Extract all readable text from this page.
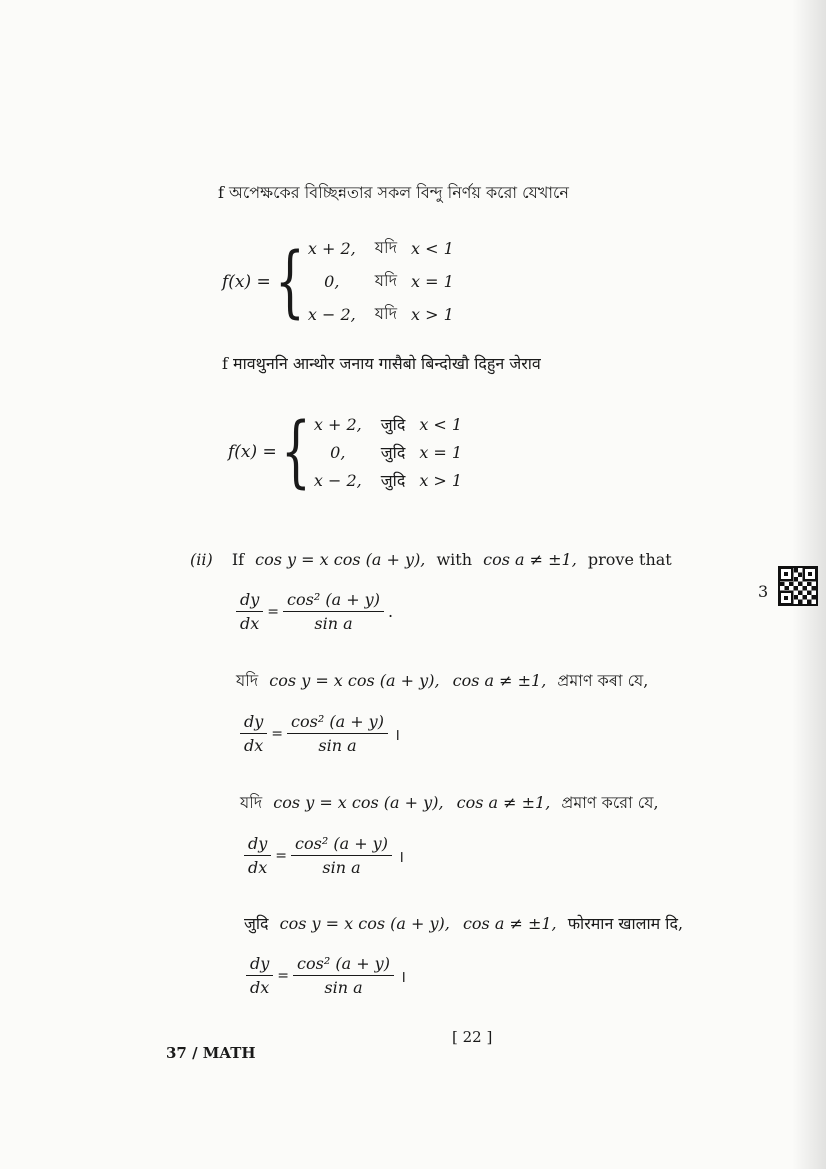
f অপেক্ষকের বিচ্ছিন্নতার সকল বিন্দু নির্ণয় করো যেখানে
f(x) = { x + 2,	যদি	x < 1
0,	যদি	x = 1
x − 2,	যদি	x > 1
f मावथुननि आन्थोर जनाय गासैबो बिन्दोखौ दिहुन जेराव
f(x) = { x + 2,	जुदि	x < 1
0,	जुदि	x = 1
x − 2,	जुदि	x > 1
(ii) If cos y = x cos (a + y), with cos a ≠ ±1, prove that
3
$\frac{dy}{dx} = \frac{\text{cos² (a + y)}}{\text{sin a}}$ .
যদি cos y = x cos (a + y), cos a ≠ ±1, প্ৰমাণ কৰা যে,
$\frac{dy}{dx} = \frac{\text{cos² (a + y)}}{\text{sin a}}$ ।
যদি cos y = x cos (a + y), cos a ≠ ±1, প্রমাণ করো যে,
$\frac{dy}{dx} = \frac{\text{cos² (a + y)}}{\text{sin a}}$ ।
जुदि cos y = x cos (a + y), cos a ≠ ±1, फोरमान खालाम दि,
$\frac{dy}{dx} = \frac{\text{cos² (a + y)}}{\text{sin a}}$ ।
[ 22 ]
37 / MATH
